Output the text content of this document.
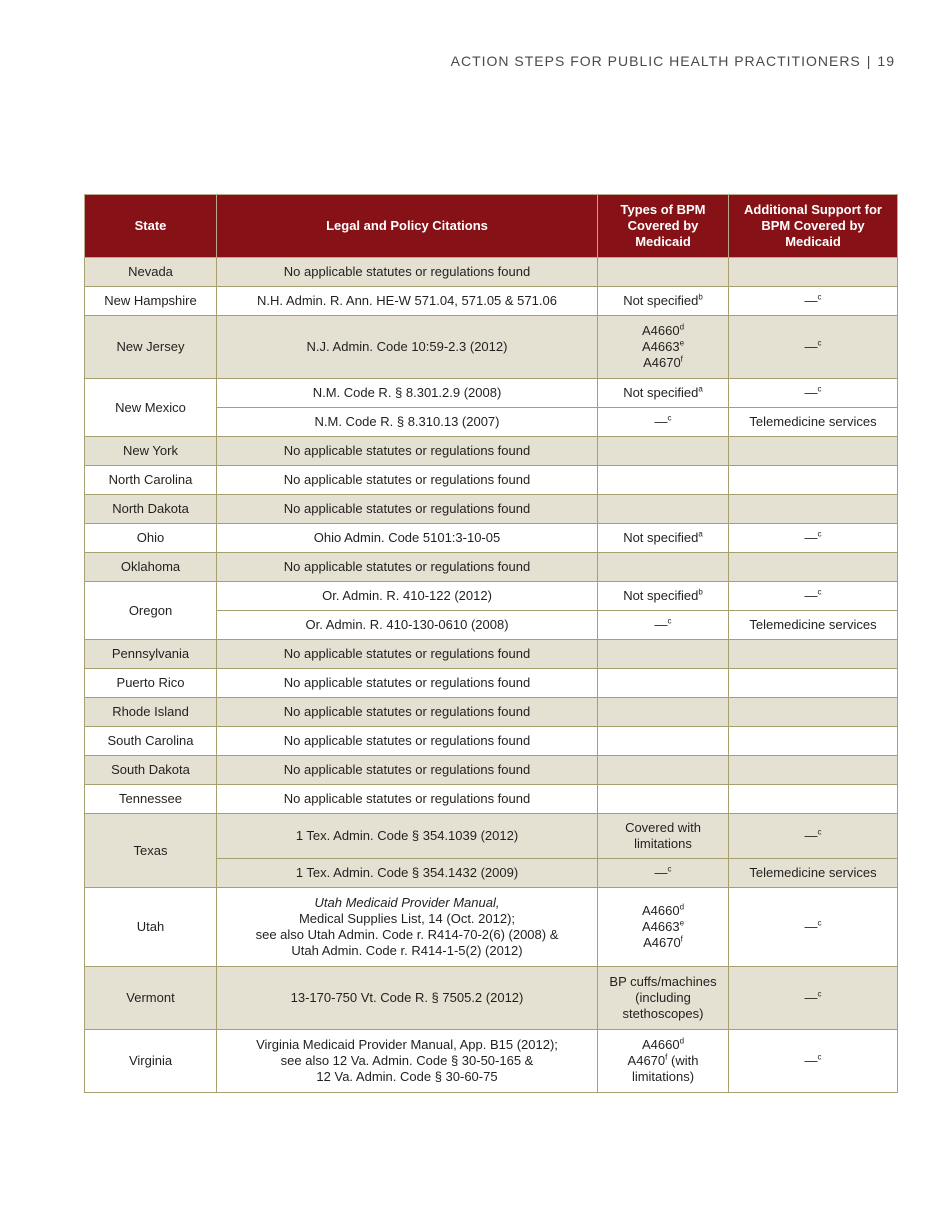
ACTION STEPS FOR PUBLIC HEALTH PRACTITIONERS | 19
State	Legal and Policy Citations	Types of BPM Covered by Medicaid	Additional Support for BPM Covered by Medicaid
Nevada	No applicable statutes or regulations found		
New Hampshire	N.H. Admin. R. Ann. HE-W 571.04, 571.05 & 571.06	Not specified$^b$	—$^c$
New Jersey	N.J. Admin. Code 10:59-2.3 (2012)	A4660$^d$
A4663e
A4670$^f$	—$^c$
New Mexico	N.M. Code R. § 8.301.2.9 (2008)	Not specified$^a$	—$^c$
	N.M. Code R. § 8.310.13 (2007)	—$^c$	Telemedicine services
New York	No applicable statutes or regulations found		
North Carolina	No applicable statutes or regulations found		
North Dakota	No applicable statutes or regulations found		
Ohio	Ohio Admin. Code 5101:3-10-05	Not specified$^a$	—$^c$
Oklahoma	No applicable statutes or regulations found		
Oregon	Or. Admin. R. 410-122 (2012)	Not specified$^b$	—$^c$
	Or. Admin. R. 410-130-0610 (2008)	—$^c$	Telemedicine services
Pennsylvania	No applicable statutes or regulations found		
Puerto Rico	No applicable statutes or regulations found		
Rhode Island	No applicable statutes or regulations found		
South Carolina	No applicable statutes or regulations found		
South Dakota	No applicable statutes or regulations found		
Tennessee	No applicable statutes or regulations found		
Texas	1 Tex. Admin. Code § 354.1039 (2012)	Covered with
limitations	—$^c$
	1 Tex. Admin. Code § 354.1432 (2009)	—$^c$	Telemedicine services
Utah	Utah Medicaid Provider Manual,
Medical Supplies List, 14 (Oct. 2012);
see also Utah Admin. Code r. R414-70-2(6) (2008) &
Utah Admin. Code r. R414-1-5(2) (2012)	A4660$^d$
A4663e
A4670$^f$	—$^c$
Vermont	13-170-750 Vt. Code R. § 7505.2 (2012)	BP cuffs/machines
(including
stethoscopes)	—$^c$
Virginia	Virginia Medicaid Provider Manual, App. B15 (2012);
see also 12 Va. Admin. Code § 30-50-165 &
12 Va. Admin. Code § 30-60-75	A4660$^d$
A4670$^f$ (with
limitations)	—$^c$
